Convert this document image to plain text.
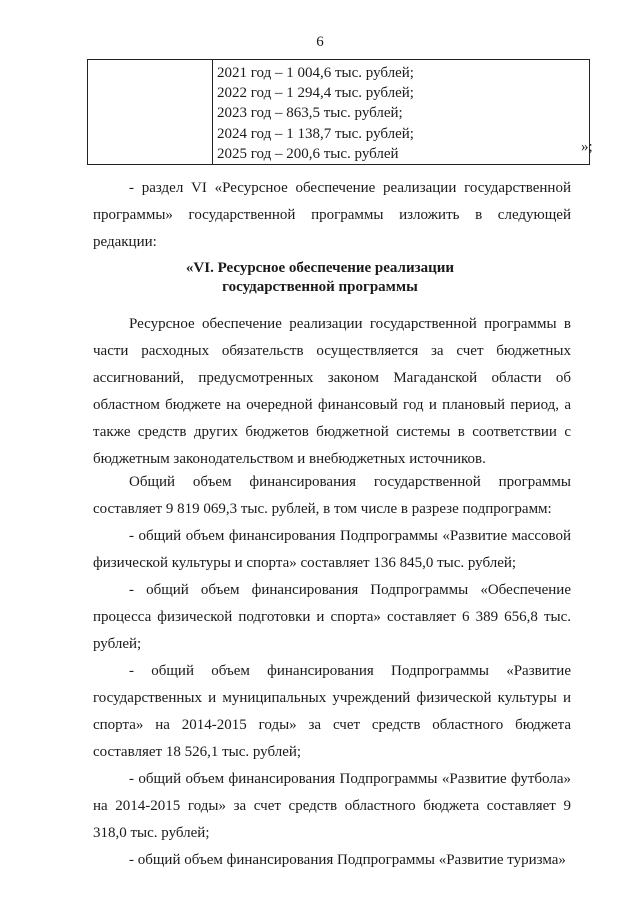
6

2021 год – 1 004,6 тыс. рублей;
2022 год – 1 294,4 тыс. рублей;
2023 год – 863,5 тыс. рублей;
2024 год – 1 138,7 тыс. рублей;
2025 год – 200,6 тыс. рублей	»;
- раздел VI «Ресурсное обеспечение реализации государственной программы» государственной программы изложить в следующей редакции:
«VI. Ресурсное обеспечение реализации
государственной программы
Ресурсное обеспечение реализации государственной программы в части расходных обязательств осуществляется за счет бюджетных ассигнований, предусмотренных законом Магаданской области об областном бюджете на очередной финансовый год и плановый период, а также средств других бюджетов бюджетной системы в соответствии с бюджетным законодательством и внебюджетных источников.
Общий объем финансирования государственной программы составляет 9 819 069,3 тыс. рублей, в том числе в разрезе подпрограмм:
- общий объем финансирования Подпрограммы «Развитие массовой физической культуры и спорта» составляет 136 845,0 тыс. рублей;
- общий объем финансирования Подпрограммы «Обеспечение процесса физической подготовки и спорта» составляет 6 389 656,8 тыс. рублей;
- общий объем финансирования Подпрограммы «Развитие государственных и муниципальных учреждений физической культуры и спорта» на 2014-2015 годы» за счет средств областного бюджета составляет 18 526,1 тыс. рублей;
- общий объем финансирования Подпрограммы «Развитие футбола» на 2014-2015 годы» за счет средств областного бюджета составляет 9 318,0 тыс. рублей;
- общий объем финансирования Подпрограммы «Развитие туризма»
